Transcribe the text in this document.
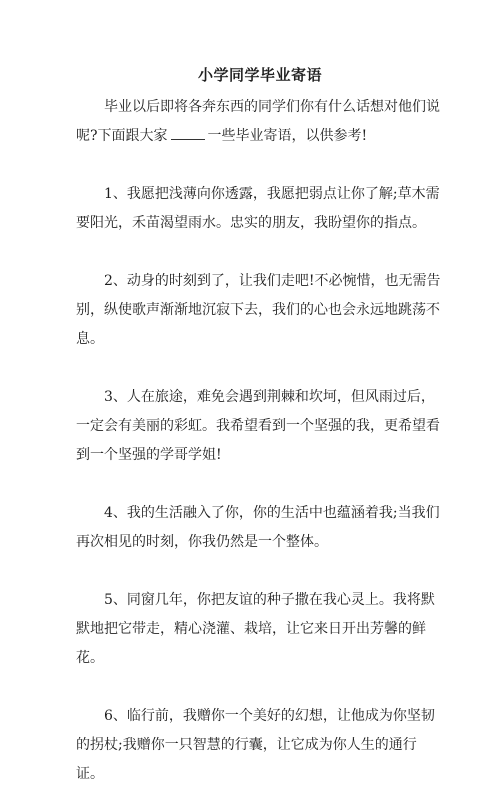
小学同学毕业寄语

毕业以后即将各奔东西的同学们你有什么话想对他们说呢?下面跟大家	一些毕业寄语，以供参考!

1、我愿把浅薄向你透露，我愿把弱点让你了解;草木需要阳光，禾苗渴望雨水。忠实的朋友，我盼望你的指点。

2、动身的时刻到了，让我们走吧!不必惋惜，也无需告别，纵使歌声渐渐地沉寂下去，我们的心也会永远地跳荡不息。

3、人在旅途，难免会遇到荆棘和坎坷，但风雨过后，一定会有美丽的彩虹。我希望看到一个坚强的我，更希望看到一个坚强的学哥学姐!

4、我的生活融入了你，你的生活中也蕴涵着我;当我们再次相见的时刻，你我仍然是一个整体。

5、同窗几年，你把友谊的种子撒在我心灵上。我将默默地把它带走，精心浇灌、栽培，让它来日开出芳馨的鲜花。

6、临行前，我赠你一个美好的幻想，让他成为你坚韧的拐杖;我赠你一只智慧的行囊，让它成为你人生的通行证。
